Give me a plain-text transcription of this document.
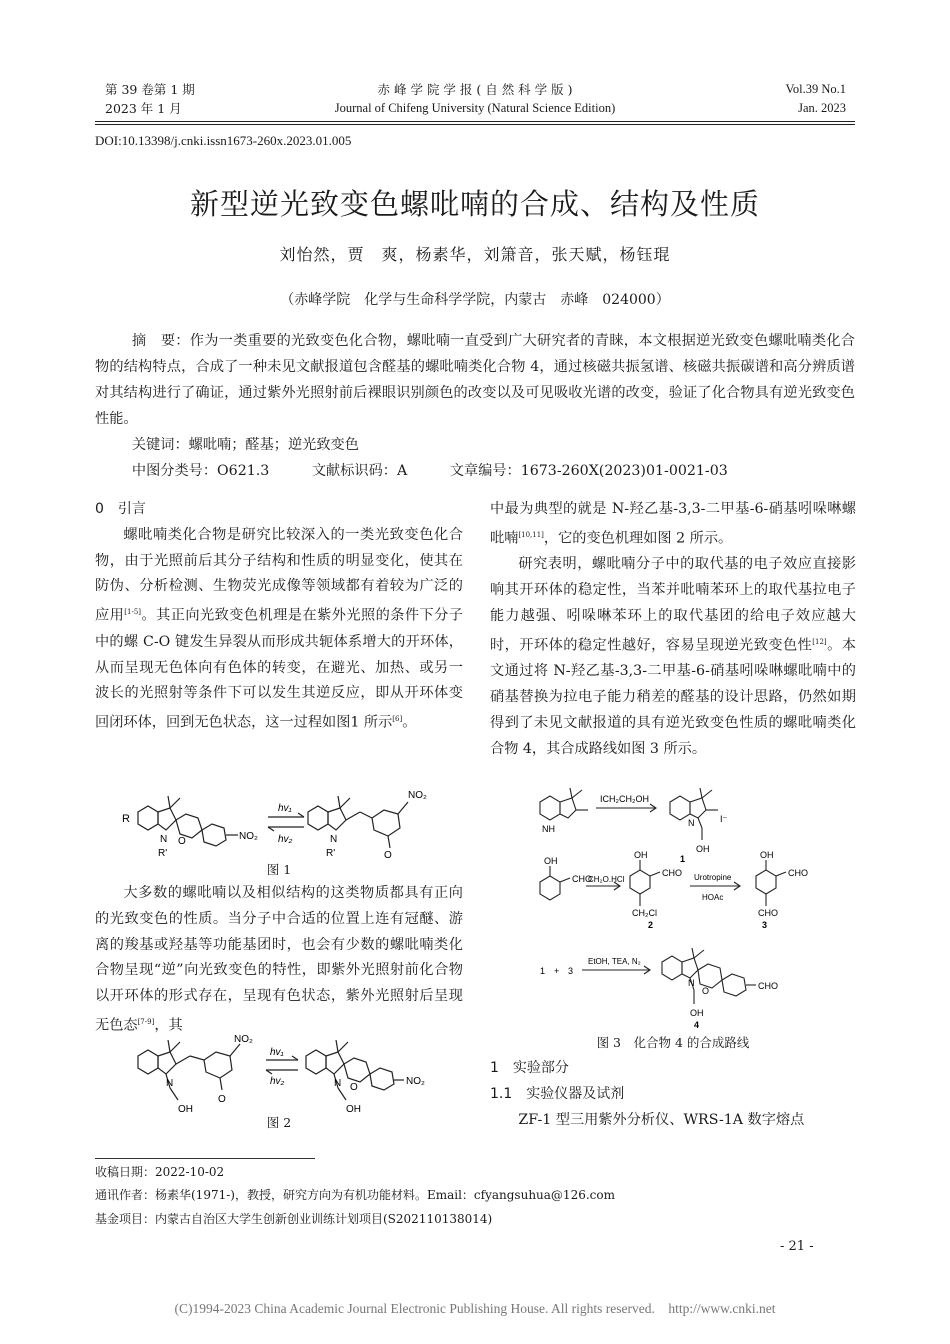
第 39 卷第 1 期
2023 年 1 月
赤 峰 学 院 学 报 ( 自 然 科 学 版 )
Journal of Chifeng University (Natural Science Edition)
Vol.39 No.1
Jan. 2023
DOI:10.13398/j.cnki.issn1673-260x.2023.01.005
新型逆光致变色螺吡喃的合成、结构及性质
刘怡然，贾　爽，杨素华，刘箫音，张天赋，杨钰琨
（赤峰学院　化学与生命科学学院，内蒙古　赤峰　024000）
摘　要：作为一类重要的光致变色化合物，螺吡喃一直受到广大研究者的青睐，本文根据逆光致变色螺吡喃类化合物的结构特点，合成了一种未见文献报道包含醛基的螺吡喃类化合物 4，通过核磁共振氢谱、核磁共振碳谱和高分辨质谱对其结构进行了确证，通过紫外光照射前后裸眼识别颜色的改变以及可见吸收光谱的改变，验证了化合物具有逆光致变色性能。
关键词：螺吡喃；醛基；逆光致变色
中图分类号：O621.3　　　文献标识码：A　　　文章编号：1673-260X(2023)01-0021-03
0　引言

螺吡喃类化合物是研究比较深入的一类光致变色化合物，由于光照前后其分子结构和性质的明显变化，使其在防伪、分析检测、生物荧光成像等领域都有着较为广泛的应用[1-5]。其正向光致变色机理是在紫外光照的条件下分子中的螺 C-O 键发生异裂从而形成共轭体系增大的开环体，从而呈现无色体向有色体的转变，在避光、加热、或另一波长的光照射等条件下可以发生其逆反应，即从开环体变回闭环体，回到无色状态，这一过程如图1 所示[6]。

R
N
R'
O	NO₂
hv₁
hv₂	N
R'
NO₂
O
图 1

大多数的螺吡喃以及相似结构的这类物质都具有正向的光致变色的性质。当分子中合适的位置上连有冠醚、游离的羧基或羟基等功能基团时，也会有少数的螺吡喃类化合物呈现“逆”向光致变色的特性，即紫外光照射前化合物以开环体的形式存在，呈现有色状态，紫外光照射后呈现无色态[7-9]，其

N
OH
NO₂
O
hv₁
hv₂	N
OH
O
NO₂
图 2

中最为典型的就是 N-羟乙基-3,3-二甲基-6-硝基吲哚啉螺吡喃[10,11]，它的变色机理如图 2 所示。

研究表明，螺吡喃分子中的取代基的电子效应直接影响其开环体的稳定性，当苯并吡喃苯环上的取代基拉电子能力越强、吲哚啉苯环上的取代基团的给电子效应越大时，开环体的稳定性越好，容易呈现逆光致变色性[12]。本文通过将 N-羟乙基-3,3-二甲基-6-硝基吲哚啉螺吡喃中的硝基替换为拉电子能力稍差的醛基的设计思路，仍然如期得到了未见文献报道的具有逆光致变色性质的螺吡喃类化合物 4，其合成路线如图 3 所示。

NH
ICH₂CH₂OH
N	I⁻
OH
1
OH
CHO
CH₂O.HCl
OH
CHO
CH₂Cl
2
Urotropine
HOAc
OH
CHO
CHO
3
1 + 3
EtOH, TEA, N₂
N
O	CHO
OH
4
图 3　化合物 4 的合成路线
1　实验部分
1.1　实验仪器及试剂

ZF-1 型三用紫外分析仪、WRS-1A 数字熔点

收稿日期：2022-10-02
通讯作者：杨素华(1971-)，教授，研究方向为有机功能材料。Email：cfyangsuhua@126.com
基金项目：内蒙古自治区大学生创新创业训练计划项目(S202110138014)
- 21 -
(C)1994-2023 China Academic Journal Electronic Publishing House. All rights reserved.　http://www.cnki.net
